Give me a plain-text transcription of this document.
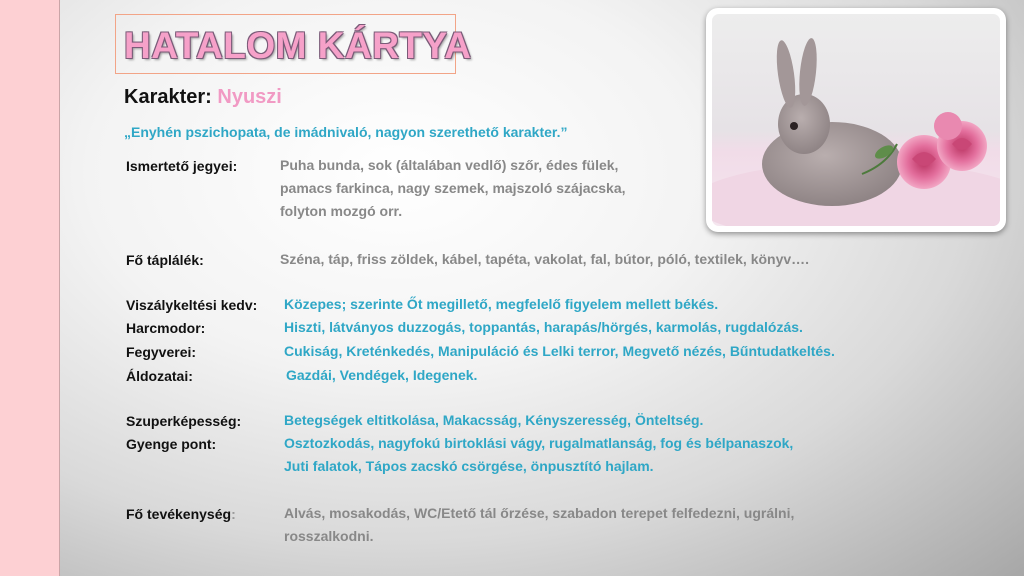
HATALOM KÁRTYA
Karakter: Nyuszi
„Enyhén pszichopata, de imádnivaló, nagyon szerethető karakter.”
Ismertető jegyei:	Puha bunda, sok (általában vedlő) szőr, édes fülek,
pamacs farkinca, nagy szemek, majszoló szájacska,
folyton mozgó orr.
Fő táplálék:	Széna, táp, friss zöldek, kábel, tapéta, vakolat, fal, bútor, póló, textilek, könyv….
Viszálykeltési kedv: Közepes; szerinte Őt megillető, megfelelő figyelem mellett békés.
Harcmodor:	Hiszti, látványos duzzogás, toppantás, harapás/hörgés, karmolás, rugdalózás.
Fegyverei:	Cukiság, Kreténkedés, Manipuláció és Lelki terror, Megvető nézés, Bűntudatkeltés.
Áldozatai:	Gazdái, Vendégek, Idegenek.
Szuperképesség:	Betegségek eltitkolása, Makacsság, Kényszeresség, Önteltség.
Gyenge pont:	Osztozkodás, nagyfokú birtoklási vágy, rugalmatlanság, fog és bélpanaszok,
Juti falatok, Tápos zacskó csörgése, önpusztító hajlam.
Fő tevékenység:	Alvás, mosakodás, WC/Etető tál őrzése, szabadon terepet felfedezni, ugrálni,
rosszalkodni.
